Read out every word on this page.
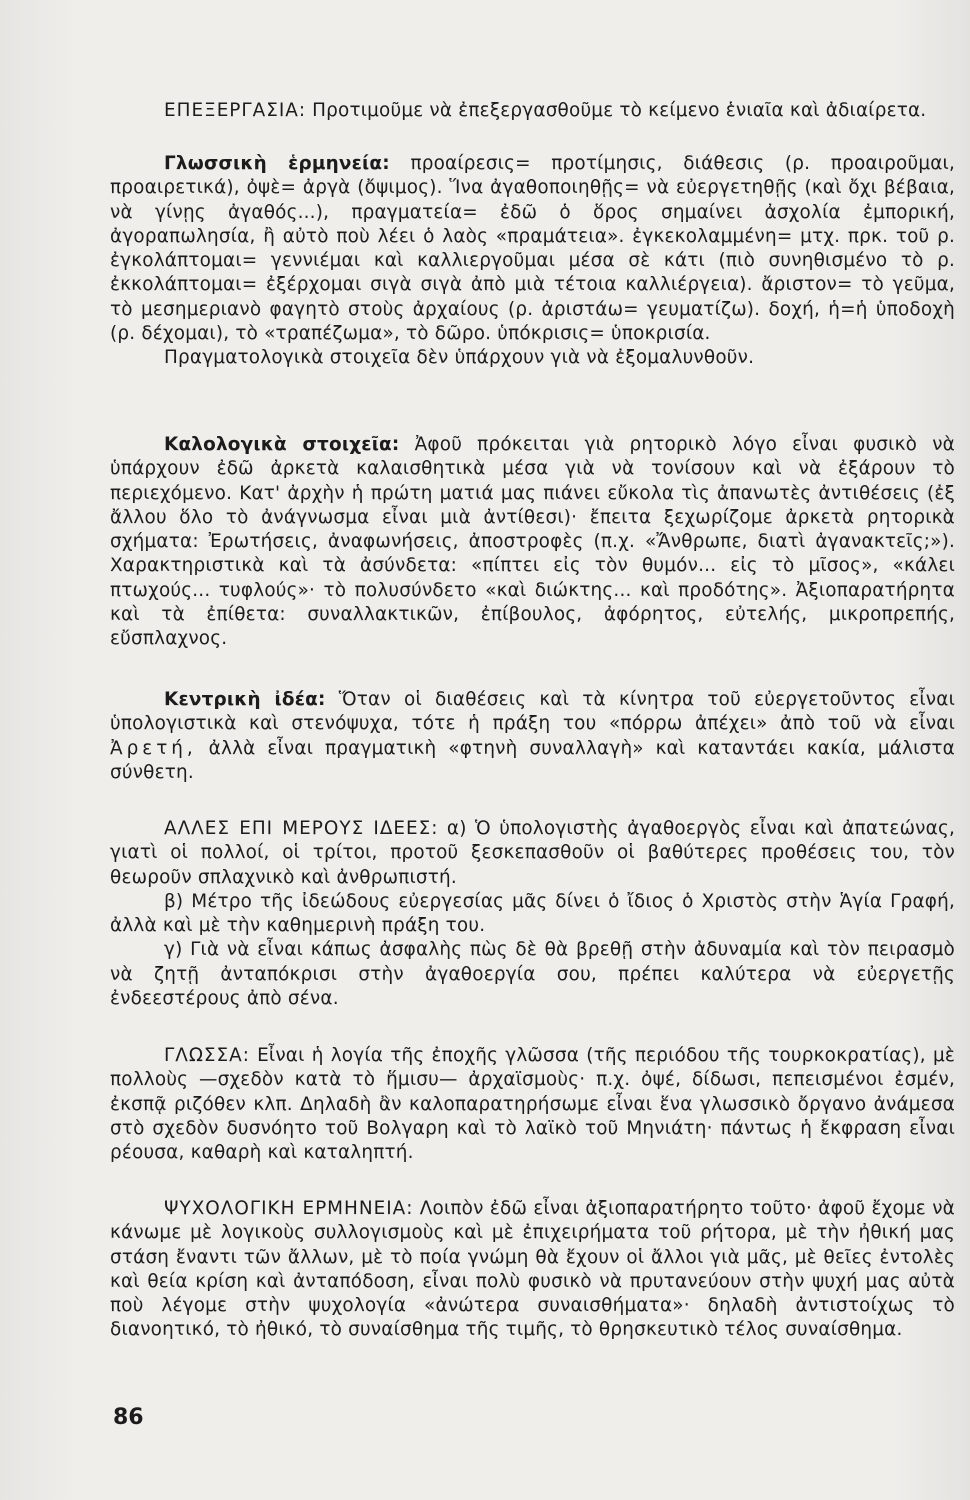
ΕΠΕΞΕΡΓΑΣΙΑ: Προτιμοῦμε νὰ ἐπεξεργασθοῦμε τὸ κείμενο ἑνιαῖα καὶ ἀδιαίρετα.

Γλωσσικὴ ἑρμηνεία: προαίρεσις= προτίμησις, διάθεσις (ρ. προαιροῦμαι, προαιρετικά), ὀψὲ= ἀργὰ (ὄψιμος). Ἵνα ἀγαθοποιηθῇς= νὰ εὐεργετηθῇς (καὶ ὄχι βέβαια, νὰ γίνῃς ἀγαθός...), πραγματεία= ἐδῶ ὁ ὅρος σημαίνει ἀσχολία ἐμπορική, ἀγοραπωλησία, ἢ αὐτὸ ποὺ λέει ὁ λαὸς «πραμάτεια». ἐγκεκολαμμένη= μτχ. πρκ. τοῦ ρ. ἐγκολάπτομαι= γεννιέμαι καὶ καλλιεργοῦμαι μέσα σὲ κάτι (πιὸ συνηθισμένο τὸ ρ. ἐκκολάπτομαι= ἐξέρχομαι σιγὰ σιγὰ ἀπὸ μιὰ τέτοια καλλιέργεια). ἄριστον= τὸ γεῦμα, τὸ μεσημεριανὸ φαγητὸ στοὺς ἀρχαίους (ρ. ἀριστάω= γευματίζω). δοχή, ἡ=ἡ ὑποδοχὴ (ρ. δέχομαι), τὸ «τραπέζωμα», τὸ δῶρο. ὑπόκρισις= ὑποκρισία.

Πραγματολογικὰ στοιχεῖα δὲν ὑπάρχουν γιὰ νὰ ἐξομαλυνθοῦν.

Καλολογικὰ στοιχεῖα: Ἀφοῦ πρόκειται γιὰ ρητορικὸ λόγο εἶναι φυσικὸ νὰ ὑπάρχουν ἐδῶ ἀρκετὰ καλαισθητικὰ μέσα γιὰ νὰ τονίσουν καὶ νὰ ἐξάρουν τὸ περιεχόμενο. Κατ' ἀρχὴν ἡ πρώτη ματιά μας πιάνει εὔκολα τὶς ἀπανωτὲς ἀντιθέσεις (ἐξ ἄλλου ὅλο τὸ ἀνάγνωσμα εἶναι μιὰ ἀντίθεσι)· ἔπειτα ξεχωρίζομε ἀρκετὰ ρητορικὰ σχήματα: Ἐρωτήσεις, ἀναφωνήσεις, ἀποστροφὲς (π.χ. «Ἄνθρωπε, διατὶ ἀγανακτεῖς;»). Χαρακτηριστικὰ καὶ τὰ ἀσύνδετα: «πίπτει εἰς τὸν θυμόν... εἰς τὸ μῖσος», «κάλει πτωχούς... τυφλούς»· τὸ πολυσύνδετο «καὶ διώκτης... καὶ προδότης». Ἀξιοπαρατήρητα καὶ τὰ ἐπίθετα: συναλλακτικῶν, ἐπίβουλος, ἀφόρητος, εὐτελής, μικροπρεπής, εὔσπλαχνος.

Κεντρικὴ ἰδέα: Ὅταν οἱ διαθέσεις καὶ τὰ κίνητρα τοῦ εὐεργετοῦντος εἶναι ὑπολογιστικὰ καὶ στενόψυχα, τότε ἡ πράξη του «πόρρω ἀπέχει» ἀπὸ τοῦ νὰ εἶναι Ἀρετή, ἀλλὰ εἶναι πραγματικὴ «φτηνὴ συναλλαγὴ» καὶ καταντάει κακία, μάλιστα σύνθετη.

ΑΛΛΕΣ ΕΠΙ ΜΕΡΟΥΣ ΙΔΕΕΣ: α) Ὁ ὑπολογιστὴς ἀγαθοεργὸς εἶναι καὶ ἀπατεώνας, γιατὶ οἱ πολλοί, οἱ τρίτοι, προτοῦ ξεσκεπασθοῦν οἱ βαθύτερες προθέσεις του, τὸν θεωροῦν σπλαχνικὸ καὶ ἀνθρωπιστή.

β) Μέτρο τῆς ἰδεώδους εὐεργεσίας μᾶς δίνει ὁ ἴδιος ὁ Χριστὸς στὴν Ἁγία Γραφή, ἀλλὰ καὶ μὲ τὴν καθημερινὴ πράξη του.

γ) Γιὰ νὰ εἶναι κάπως ἀσφαλὴς πὼς δὲ θὰ βρεθῇ στὴν ἀδυναμία καὶ τὸν πειρασμὸ νὰ ζητῇ ἀνταπόκρισι στὴν ἀγαθοεργία σου, πρέπει καλύτερα νὰ εὐεργετῇς ἐνδεεστέρους ἀπὸ σένα.

ΓΛΩΣΣΑ: Εἶναι ἡ λογία τῆς ἐποχῆς γλῶσσα (τῆς περιόδου τῆς τουρκοκρατίας), μὲ πολλοὺς —σχεδὸν κατὰ τὸ ἥμισυ— ἀρχαϊσμοὺς· π.χ. ὀψέ, δίδωσι, πεπεισμένοι ἐσμέν, ἐκσπᾷ ριζόθεν κλπ. Δηλαδὴ ἂν καλοπαρατηρήσωμε εἶναι ἕνα γλωσσικὸ ὄργανο ἀνάμεσα στὸ σχεδὸν δυσνόητο τοῦ Βολγαρη καὶ τὸ λαϊκὸ τοῦ Μηνιάτη· πάντως ἡ ἔκφραση εἶναι ρέουσα, καθαρὴ καὶ καταληπτή.

ΨΥΧΟΛΟΓΙΚΗ ΕΡΜΗΝΕΙΑ: Λοιπὸν ἐδῶ εἶναι ἀξιοπαρατήρητο τοῦτο· ἀφοῦ ἔχομε νὰ κάνωμε μὲ λογικοὺς συλλογισμοὺς καὶ μὲ ἐπιχειρήματα τοῦ ρήτορα, μὲ τὴν ἠθική μας στάση ἔναντι τῶν ἄλλων, μὲ τὸ ποία γνώμη θὰ ἔχουν οἱ ἄλλοι γιὰ μᾶς, μὲ θεῖες ἐντολὲς καὶ θεία κρίση καὶ ἀνταπόδοση, εἶναι πολὺ φυσικὸ νὰ πρυτανεύουν στὴν ψυχή μας αὐτὰ ποὺ λέγομε στὴν ψυχολογία «ἀνώτερα συναισθήματα»· δηλαδὴ ἀντιστοίχως τὸ διανοητικό, τὸ ἠθικό, τὸ συναίσθημα τῆς τιμῆς, τὸ θρησκευτικὸ τέλος συναίσθημα.

86
